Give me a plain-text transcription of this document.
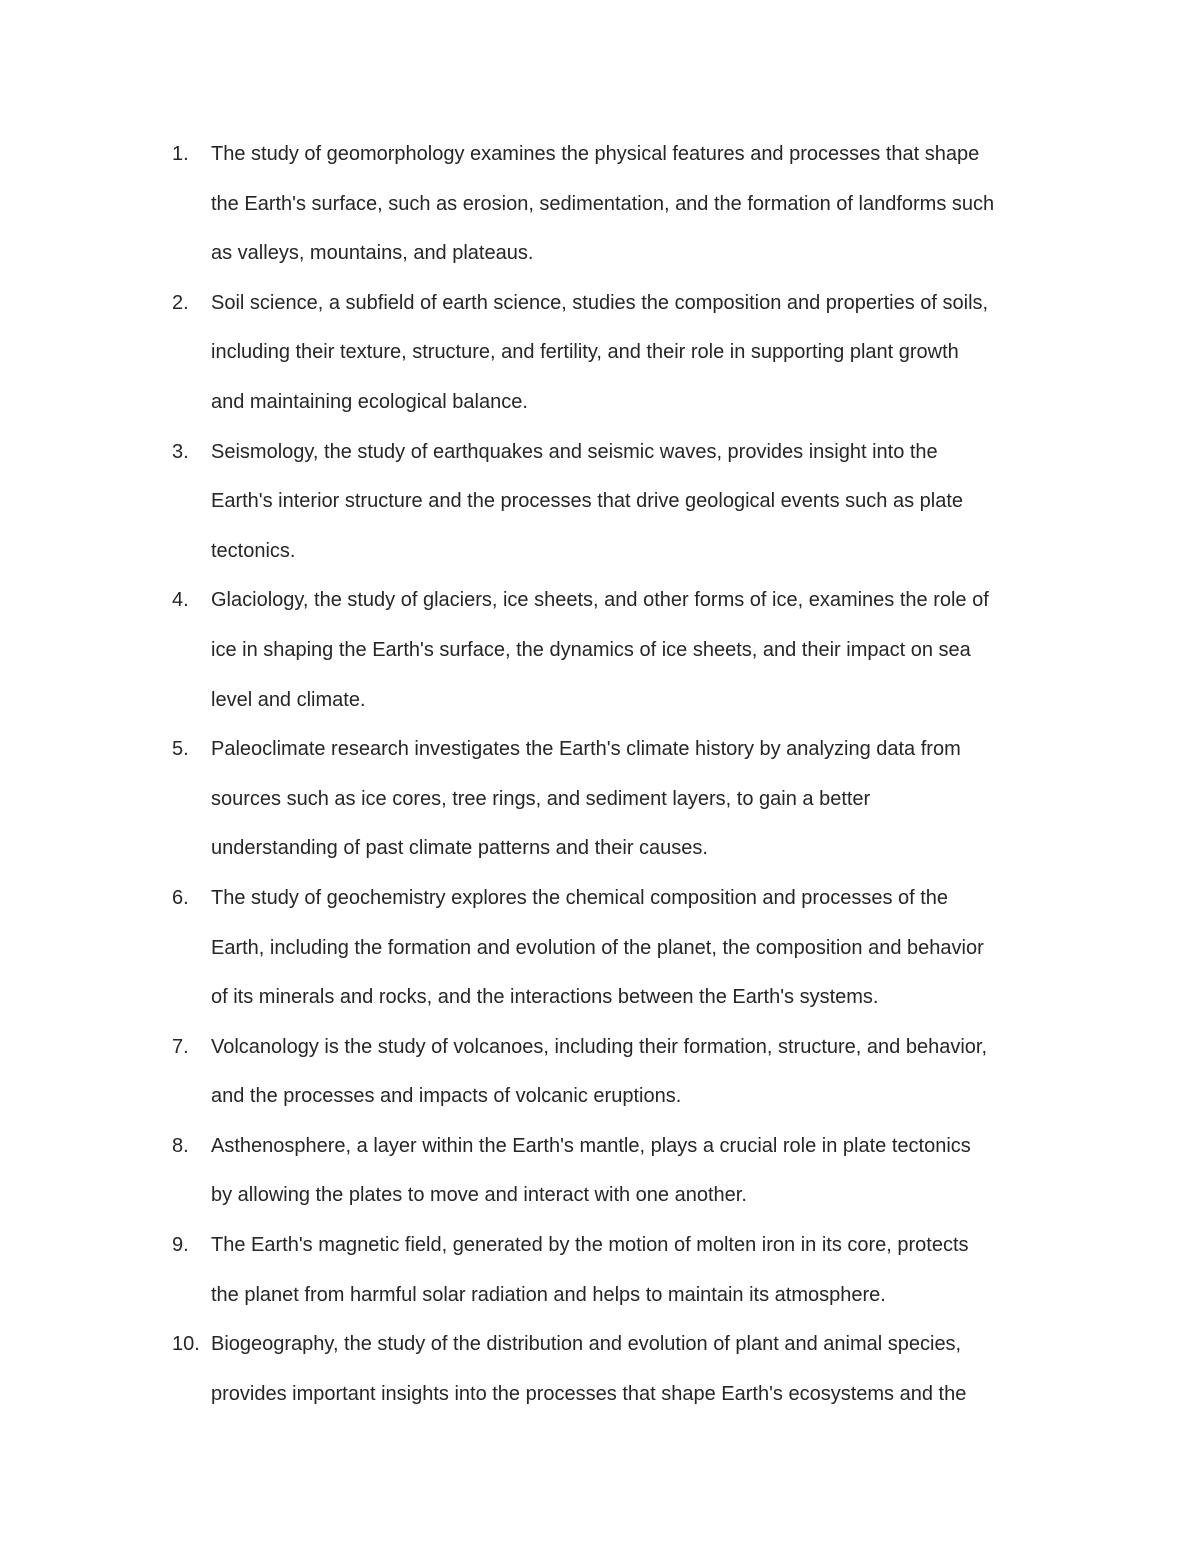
1.	The study of geomorphology examines the physical features and processes that shape
the Earth's surface, such as erosion, sedimentation, and the formation of landforms such
as valleys, mountains, and plateaus.
2.	Soil science, a subfield of earth science, studies the composition and properties of soils,
including their texture, structure, and fertility, and their role in supporting plant growth
and maintaining ecological balance.
3.	Seismology, the study of earthquakes and seismic waves, provides insight into the
Earth's interior structure and the processes that drive geological events such as plate
tectonics.
4.	Glaciology, the study of glaciers, ice sheets, and other forms of ice, examines the role of
ice in shaping the Earth's surface, the dynamics of ice sheets, and their impact on sea
level and climate.
5.	Paleoclimate research investigates the Earth's climate history by analyzing data from
sources such as ice cores, tree rings, and sediment layers, to gain a better
understanding of past climate patterns and their causes.
6.	The study of geochemistry explores the chemical composition and processes of the
Earth, including the formation and evolution of the planet, the composition and behavior
of its minerals and rocks, and the interactions between the Earth's systems.
7.	Volcanology is the study of volcanoes, including their formation, structure, and behavior,
and the processes and impacts of volcanic eruptions.
8.	Asthenosphere, a layer within the Earth's mantle, plays a crucial role in plate tectonics
by allowing the plates to move and interact with one another.
9.	The Earth's magnetic field, generated by the motion of molten iron in its core, protects
the planet from harmful solar radiation and helps to maintain its atmosphere.
10. Biogeography, the study of the distribution and evolution of plant and animal species,
provides important insights into the processes that shape Earth's ecosystems and the
